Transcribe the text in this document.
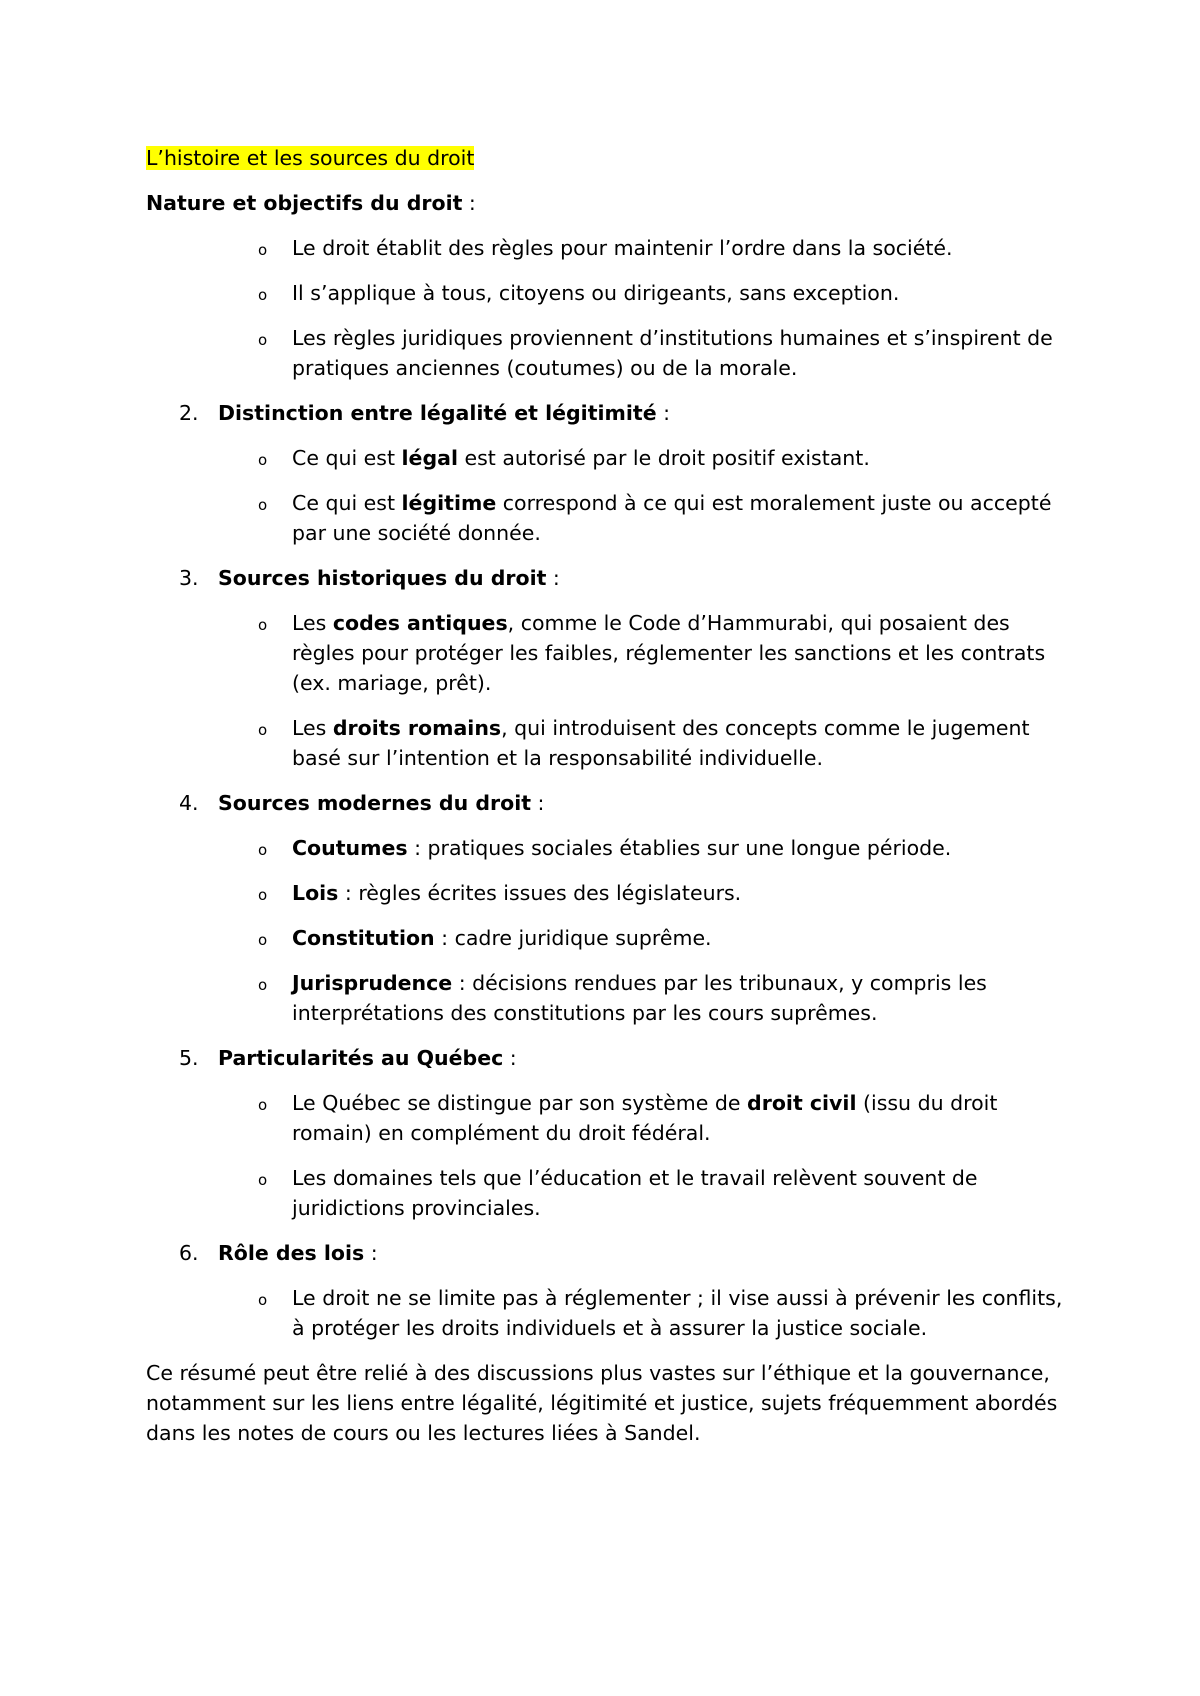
L’histoire et les sources du droit
Nature et objectifs du droit :
o Le droit établit des règles pour maintenir l’ordre dans la société.
o Il s’applique à tous, citoyens ou dirigeants, sans exception.
o Les règles juridiques proviennent d’institutions humaines et s’inspirent de pratiques anciennes (coutumes) ou de la morale.
2. Distinction entre légalité et légitimité :
o Ce qui est légal est autorisé par le droit positif existant.
o Ce qui est légitime correspond à ce qui est moralement juste ou accepté par une société donnée.
3. Sources historiques du droit :
o Les codes antiques, comme le Code d’Hammurabi, qui posaient des règles pour protéger les faibles, réglementer les sanctions et les contrats (ex. mariage, prêt).
o Les droits romains, qui introduisent des concepts comme le jugement basé sur l’intention et la responsabilité individuelle.
4. Sources modernes du droit :
o Coutumes : pratiques sociales établies sur une longue période.
o Lois : règles écrites issues des législateurs.
o Constitution : cadre juridique suprême.
o Jurisprudence : décisions rendues par les tribunaux, y compris les interprétations des constitutions par les cours suprêmes.
5. Particularités au Québec :
o Le Québec se distingue par son système de droit civil (issu du droit romain) en complément du droit fédéral.
o Les domaines tels que l’éducation et le travail relèvent souvent de juridictions provinciales.
6. Rôle des lois :
o Le droit ne se limite pas à réglementer ; il vise aussi à prévenir les conflits, à protéger les droits individuels et à assurer la justice sociale.

Ce résumé peut être relié à des discussions plus vastes sur l’éthique et la gouvernance, notamment sur les liens entre légalité, légitimité et justice, sujets fréquemment abordés dans les notes de cours ou les lectures liées à Sandel.
